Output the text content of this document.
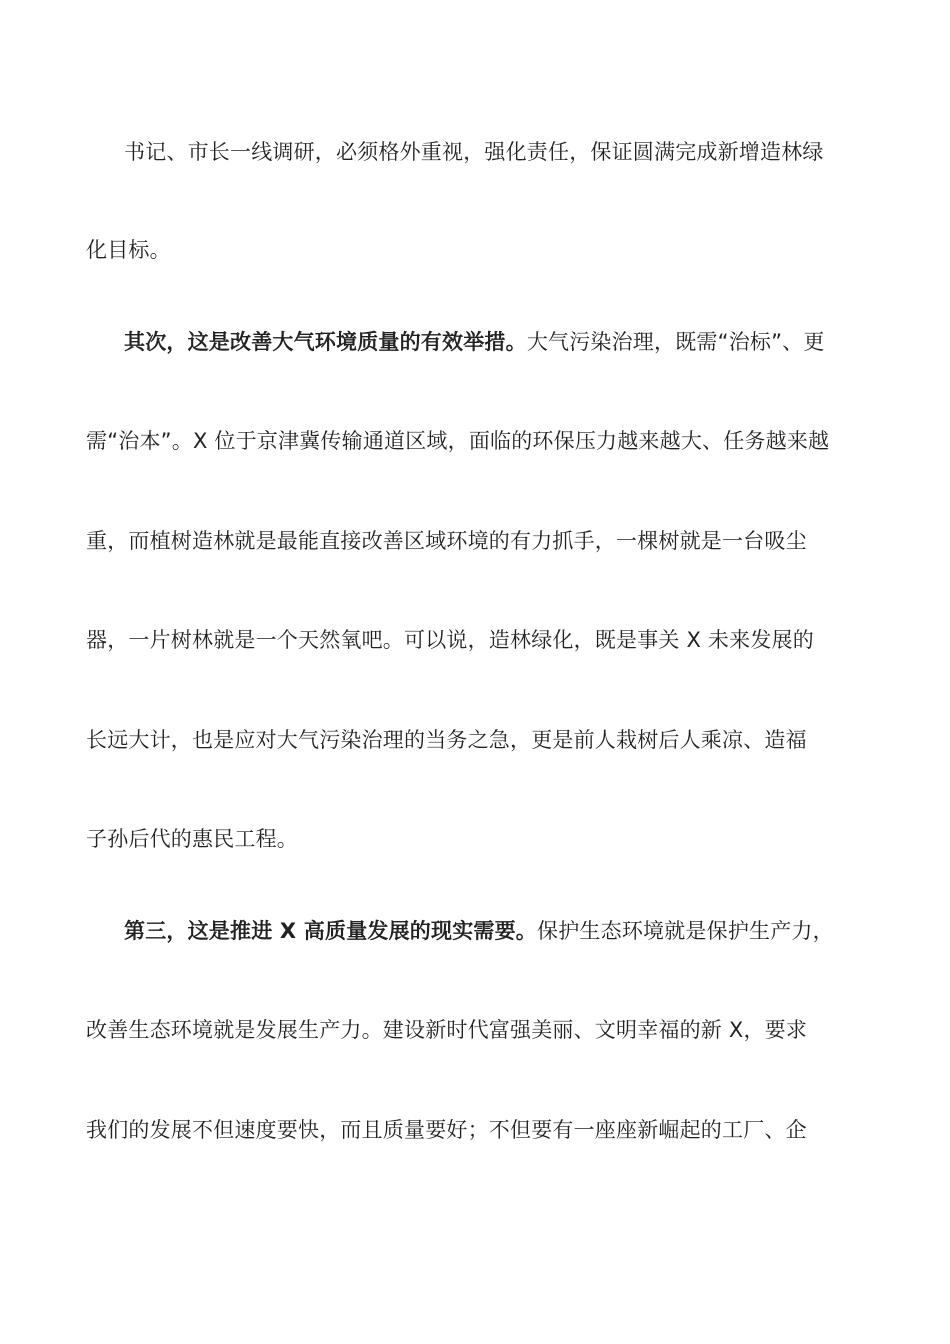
书记、市长一线调研，必须格外重视，强化责任，保证圆满完成新增造林绿
化目标。
其次，这是改善大气环境质量的有效举措。大气污染治理，既需“治标”、更
需“治本”。X 位于京津冀传输通道区域，面临的环保压力越来越大、任务越来越
重，而植树造林就是最能直接改善区域环境的有力抓手，一棵树就是一台吸尘
器，一片树林就是一个天然氧吧。可以说，造林绿化，既是事关 X 未来发展的
长远大计，也是应对大气污染治理的当务之急，更是前人栽树后人乘凉、造福
子孙后代的惠民工程。
第三，这是推进 X 高质量发展的现实需要。保护生态环境就是保护生产力，
改善生态环境就是发展生产力。建设新时代富强美丽、文明幸福的新 X，要求
我们的发展不但速度要快，而且质量要好；不但要有一座座新崛起的工厂、企
